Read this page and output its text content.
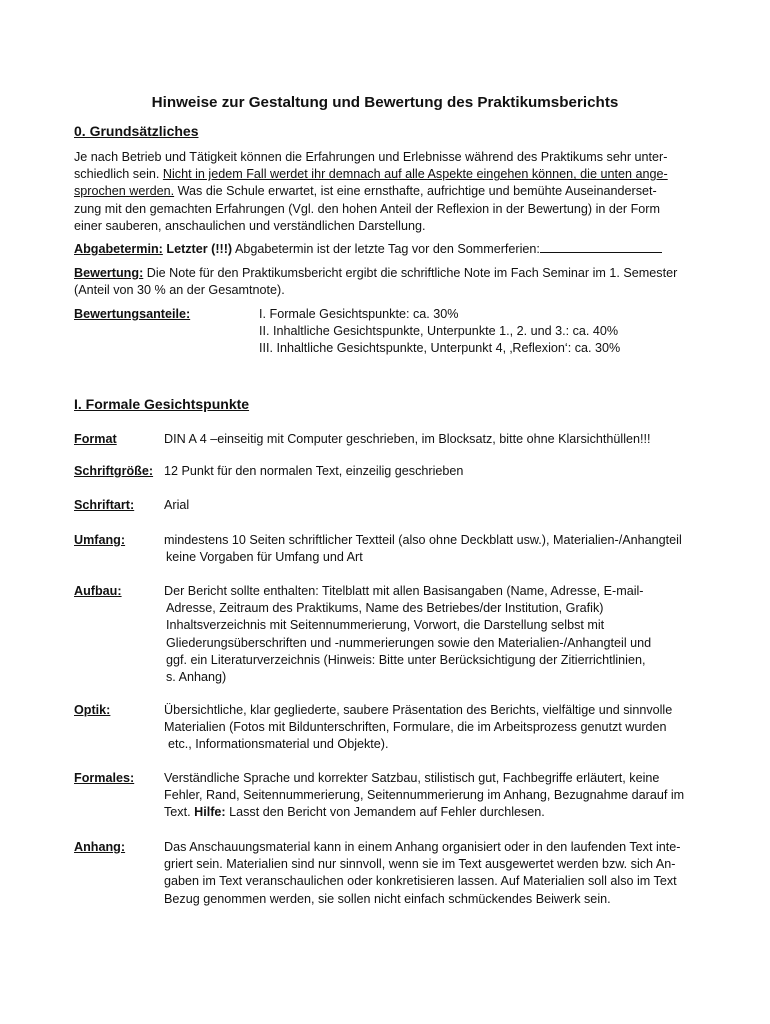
Hinweise zur Gestaltung und Bewertung des Praktikumsberichts
0. Grundsätzliches

Je nach Betrieb und Tätigkeit können die Erfahrungen und Erlebnisse während des Praktikums sehr unter-
schiedlich sein. Nicht in jedem Fall werdet ihr demnach auf alle Aspekte eingehen können, die unten ange-
sprochen werden. Was die Schule erwartet, ist eine ernsthafte, aufrichtige und bemühte Auseinanderset-
zung mit den gemachten Erfahrungen (Vgl. den hohen Anteil der Reflexion in der Bewertung) in der Form
einer sauberen, anschaulichen und verständlichen Darstellung.

Abgabetermin: Letzter (!!!) Abgabetermin ist der letzte Tag vor den Sommerferien:

Bewertung: Die Note für den Praktikumsbericht ergibt die schriftliche Note im Fach Seminar im 1. Semester
(Anteil von 30 % an der Gesamtnote).

Bewertungsanteile:	I. Formale Gesichtspunkte: ca. 30%
II. Inhaltliche Gesichtspunkte, Unterpunkte 1., 2. und 3.: ca. 40%
III. Inhaltliche Gesichtspunkte, Unterpunkt 4, ‚Reflexion‘: ca. 30%

I. Formale Gesichtspunkte

Format	DIN A 4 –einseitig mit Computer geschrieben, im Blocksatz, bitte ohne Klarsichthüllen!!!

Schriftgröße: 12 Punkt für den normalen Text, einzeilig geschrieben

Schriftart: Arial

Umfang:	mindestens 10 Seiten schriftlicher Textteil (also ohne Deckblatt usw.), Materialien-/Anhangteil
keine Vorgaben für Umfang und Art

Aufbau:	Der Bericht sollte enthalten: Titelblatt mit allen Basisangaben (Name, Adresse, E-mail-
Adresse, Zeitraum des Praktikums, Name des Betriebes/der Institution, Grafik)
Inhaltsverzeichnis mit Seitennummerierung, Vorwort, die Darstellung selbst mit
Gliederungsüberschriften und -nummerierungen sowie den Materialien-/Anhangteil und
ggf. ein Literaturverzeichnis (Hinweis: Bitte unter Berücksichtigung der Zitierrichtlinien,
s. Anhang)

Optik:	Übersichtliche, klar gegliederte, saubere Präsentation des Berichts, vielfältige und sinnvolle
Materialien (Fotos mit Bildunterschriften, Formulare, die im Arbeitsprozess genutzt wurden
etc., Informationsmaterial und Objekte).

Formales: Verständliche Sprache und korrekter Satzbau, stilistisch gut, Fachbegriffe erläutert, keine
Fehler, Rand, Seitennummerierung, Seitennummerierung im Anhang, Bezugnahme darauf im
Text. Hilfe: Lasst den Bericht von Jemandem auf Fehler durchlesen.

Anhang:	Das Anschauungsmaterial kann in einem Anhang organisiert oder in den laufenden Text inte-
griert sein. Materialien sind nur sinnvoll, wenn sie im Text ausgewertet werden bzw. sich An-
gaben im Text veranschaulichen oder konkretisieren lassen. Auf Materialien soll also im Text
Bezug genommen werden, sie sollen nicht einfach schmückendes Beiwerk sein.
